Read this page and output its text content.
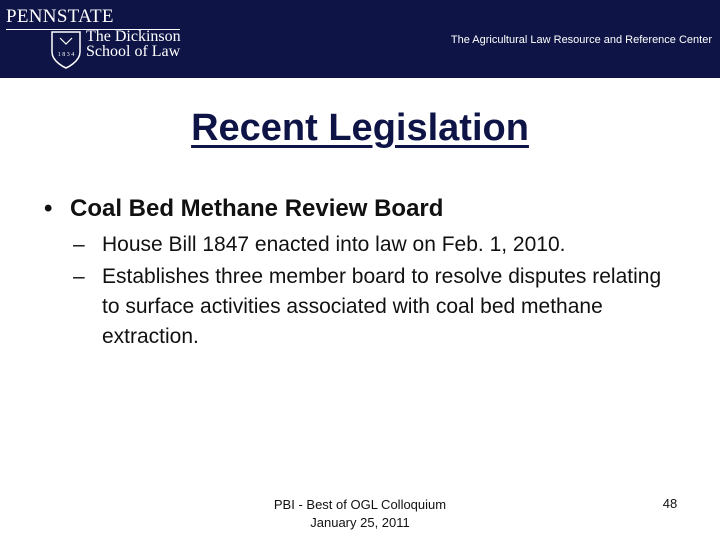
PENNSTATE
1 8 3 4
The Dickinson
School of Law
The Agricultural Law Resource and Reference Center
Recent Legislation
• Coal Bed Methane Review Board
– House Bill 1847 enacted into law on Feb. 1, 2010.
– Establishes three member board to resolve disputes relating to surface activities associated with coal bed methane extraction.
PBI - Best of OGL Colloquium
January 25, 2011
48
